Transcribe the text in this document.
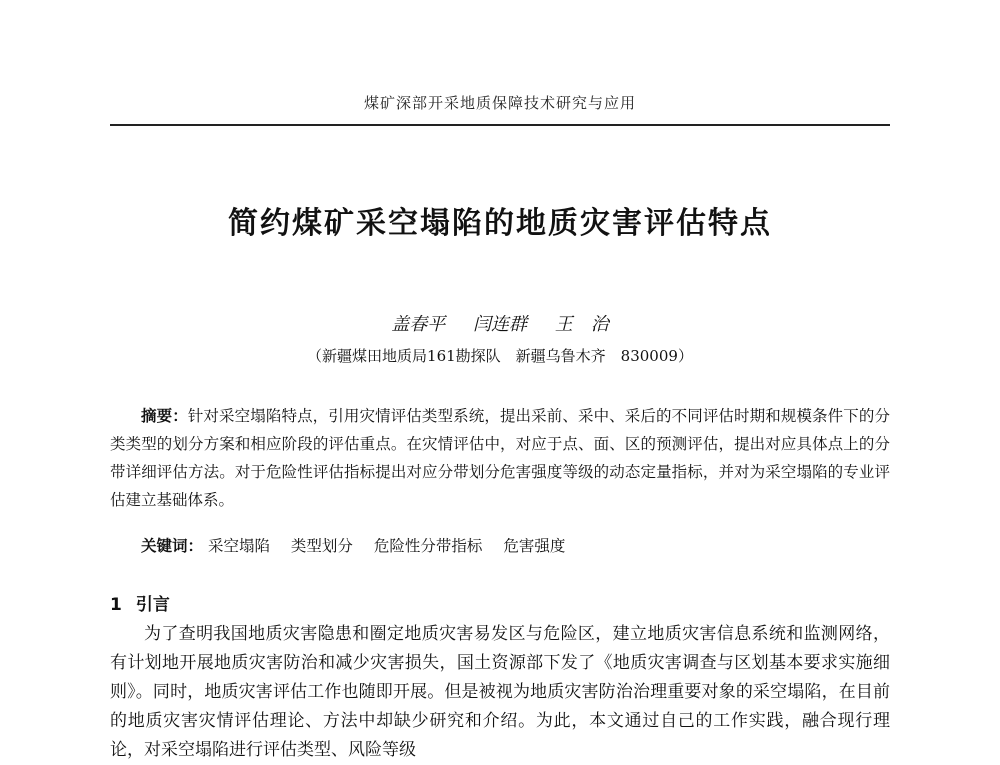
煤矿深部开采地质保障技术研究与应用
简约煤矿采空塌陷的地质灾害评估特点
盖春平 闫连群 王　治
（新疆煤田地质局161勘探队　新疆乌鲁木齐　830009）
摘要：针对采空塌陷特点，引用灾情评估类型系统，提出采前、采中、采后的不同评估时期和规模条件下的分类类型的划分方案和相应阶段的评估重点。在灾情评估中，对应于点、面、区的预测评估，提出对应具体点上的分带详细评估方法。对于危险性评估指标提出对应分带划分危害强度等级的动态定量指标，并对为采空塌陷的专业评估建立基础体系。
关键词： 采空塌陷 类型划分 危险性分带指标 危害强度
1 引言
为了查明我国地质灾害隐患和圈定地质灾害易发区与危险区，建立地质灾害信息系统和监测网络，有计划地开展地质灾害防治和减少灾害损失，国土资源部下发了《地质灾害调查与区划基本要求实施细则》。同时，地质灾害评估工作也随即开展。但是被视为地质灾害防治治理重要对象的采空塌陷，在目前的地质灾害灾情评估理论、方法中却缺少研究和介绍。为此，本文通过自己的工作实践，融合现行理论，对采空塌陷进行评估类型、风险等级
